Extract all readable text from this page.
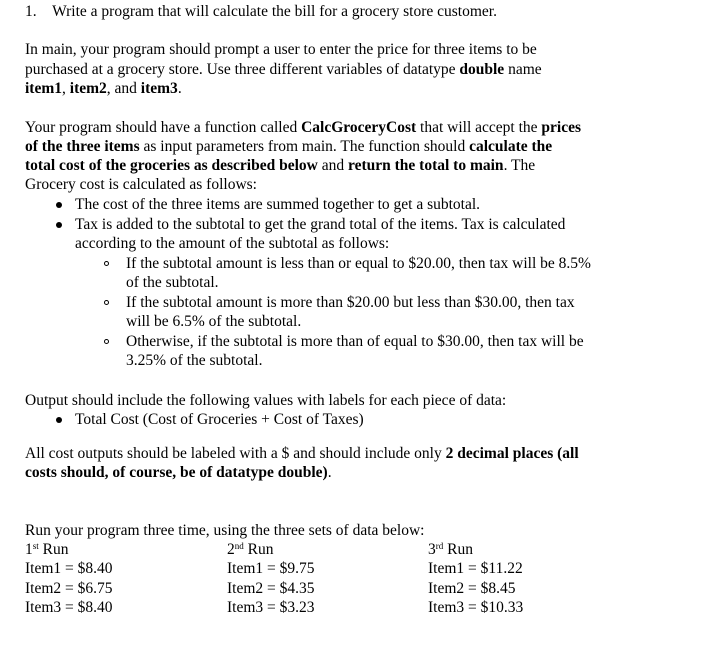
1. Write a program that will calculate the bill for a grocery store customer.
In main, your program should prompt a user to enter the price for three items to be
purchased at a grocery store. Use three different variables of datatype double name
item1, item2, and item3.
Your program should have a function called CalcGroceryCost that will accept the prices
of the three items as input parameters from main. The function should calculate the
total cost of the groceries as described below and return the total to main. The
Grocery cost is calculated as follows:
The cost of the three items are summed together to get a subtotal.
Tax is added to the subtotal to get the grand total of the items. Tax is calculated
according to the amount of the subtotal as follows:
If the subtotal amount is less than or equal to $20.00, then tax will be 8.5%
of the subtotal.
If the subtotal amount is more than $20.00 but less than $30.00, then tax
will be 6.5% of the subtotal.
Otherwise, if the subtotal is more than of equal to $30.00, then tax will be
3.25% of the subtotal.
Output should include the following values with labels for each piece of data:
Total Cost (Cost of Groceries + Cost of Taxes)
All cost outputs should be labeled with a $ and should include only 2 decimal places (all
costs should, of course, be of datatype double).
Run your program three time, using the three sets of data below:
1st Run
Item1 = $8.40
Item2 = $6.75
Item3 = $8.40
2nd Run
Item1 = $9.75
Item2 = $4.35
Item3 = $3.23
3rd Run
Item1 = $11.22
Item2 = $8.45
Item3 = $10.33
